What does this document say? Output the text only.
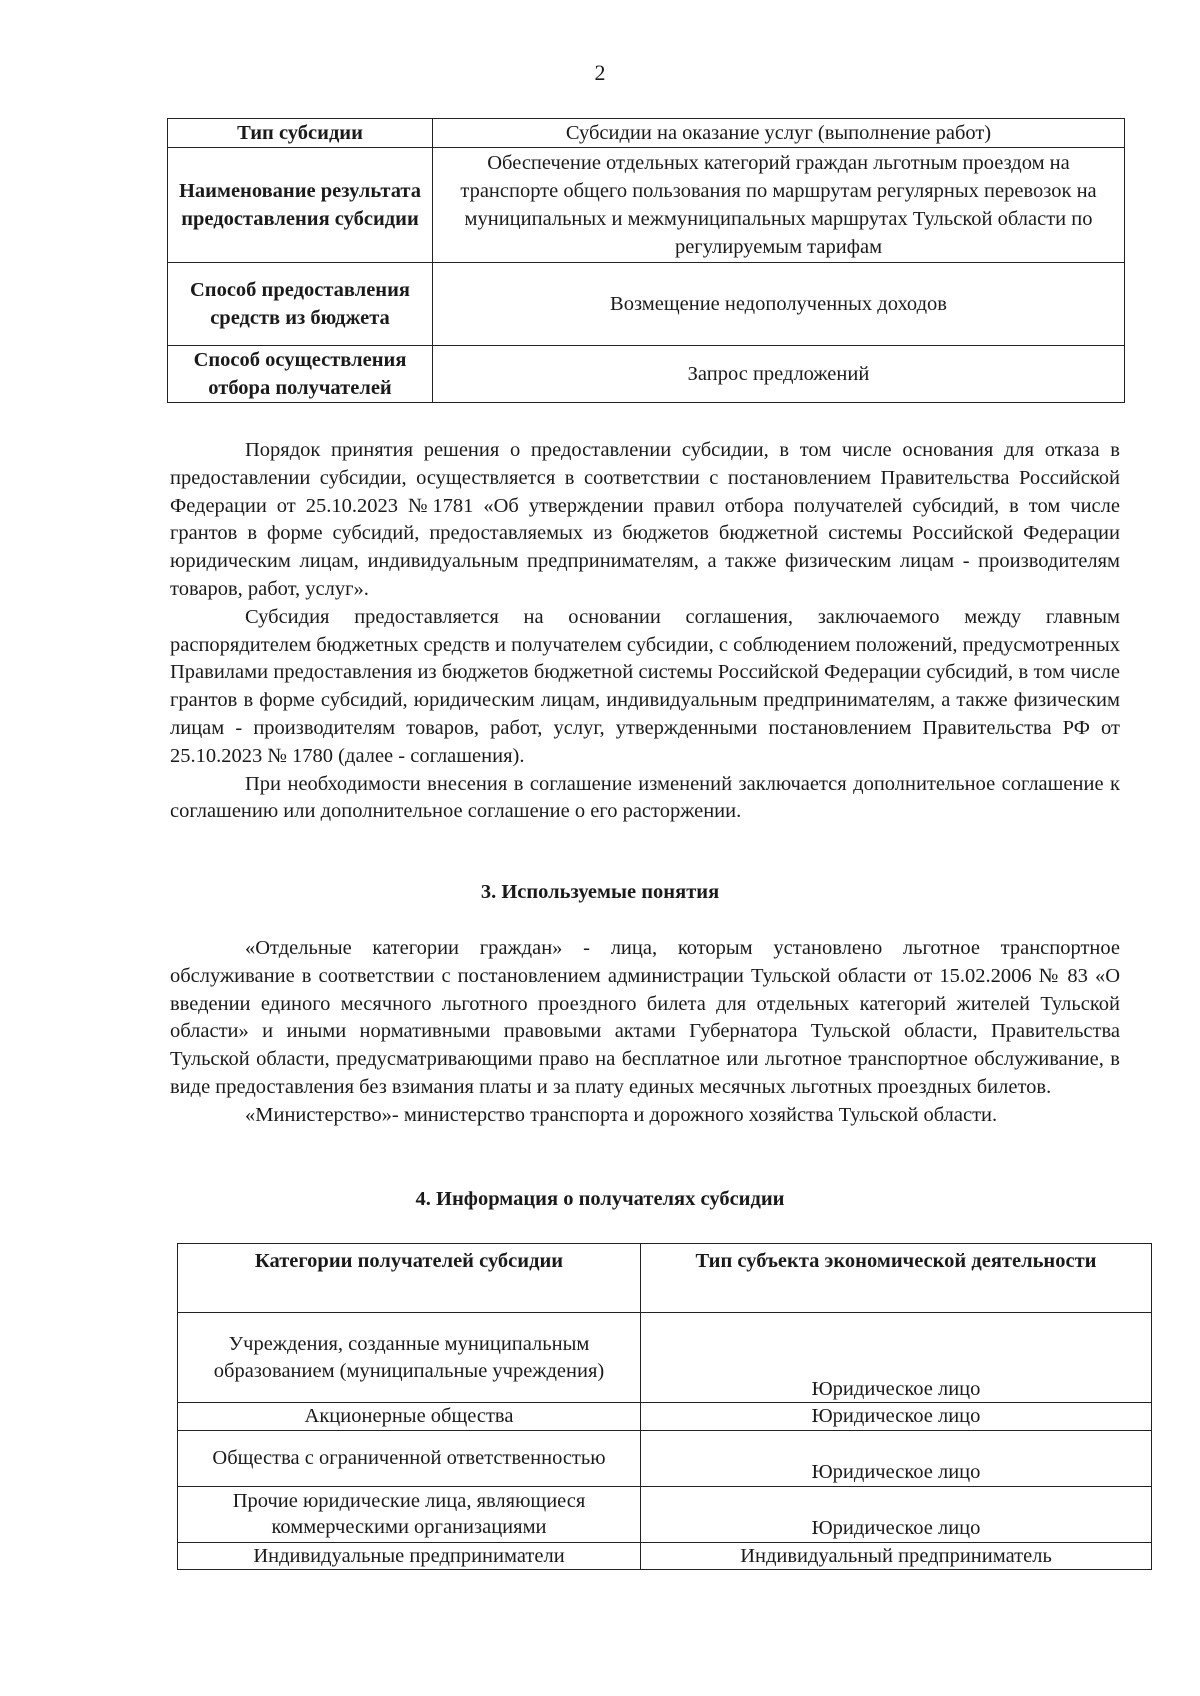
2
Тип субсидии	Субсидии на оказание услуг (выполнение работ)
Наименование результата предоставления субсидии	Обеспечение отдельных категорий граждан льготным проездом на транспорте общего пользования по маршрутам регулярных перевозок на муниципальных и межмуниципальных маршрутах Тульской области по регулируемым тарифам
Способ предоставления средств из бюджета	Возмещение недополученных доходов
Способ осуществления отбора получателей	Запрос предложений

Порядок принятия решения о предоставлении субсидии, в том числе основания для отказа в предоставлении субсидии, осуществляется в соответствии с постановлением Правительства Российской Федерации от 25.10.2023 №1781 «Об утверждении правил отбора получателей субсидий, в том числе грантов в форме субсидий, предоставляемых из бюджетов бюджетной системы Российской Федерации юридическим лицам, индивидуальным предпринимателям, а также физическим лицам - производителям товаров, работ, услуг».

Субсидия предоставляется на основании соглашения, заключаемого между главным распорядителем бюджетных средств и получателем субсидии, с соблюдением положений, предусмотренных Правилами предоставления из бюджетов бюджетной системы Российской Федерации субсидий, в том числе грантов в форме субсидий, юридическим лицам, индивидуальным предпринимателям, а также физическим лицам - производителям товаров, работ, услуг, утвержденными постановлением Правительства РФ от 25.10.2023 № 1780 (далее - соглашения).

При необходимости внесения в соглашение изменений заключается дополнительное соглашение к соглашению или дополнительное соглашение о его расторжении.

3. Используемые понятия

«Отдельные категории граждан» - лица, которым установлено льготное транспортное обслуживание в соответствии с постановлением администрации Тульской области от 15.02.2006 № 83 «О введении единого месячного льготного проездного билета для отдельных категорий жителей Тульской области» и иными нормативными правовыми актами Губернатора Тульской области, Правительства Тульской области, предусматривающими право на бесплатное или льготное транспортное обслуживание, в виде предоставления без взимания платы и за плату единых месячных льготных проездных билетов.

«Министерство»- министерство транспорта и дорожного хозяйства Тульской области.

4. Информация о получателях субсидии
Категории получателей субсидии	Тип субъекта экономической деятельности
Учреждения, созданные муниципальным образованием (муниципальные учреждения)	Юридическое лицо
Акционерные общества	Юридическое лицо
Общества с ограниченной ответственностью	Юридическое лицо
Прочие юридические лица, являющиеся коммерческими организациями	Юридическое лицо
Индивидуальные предприниматели	Индивидуальный предприниматель
